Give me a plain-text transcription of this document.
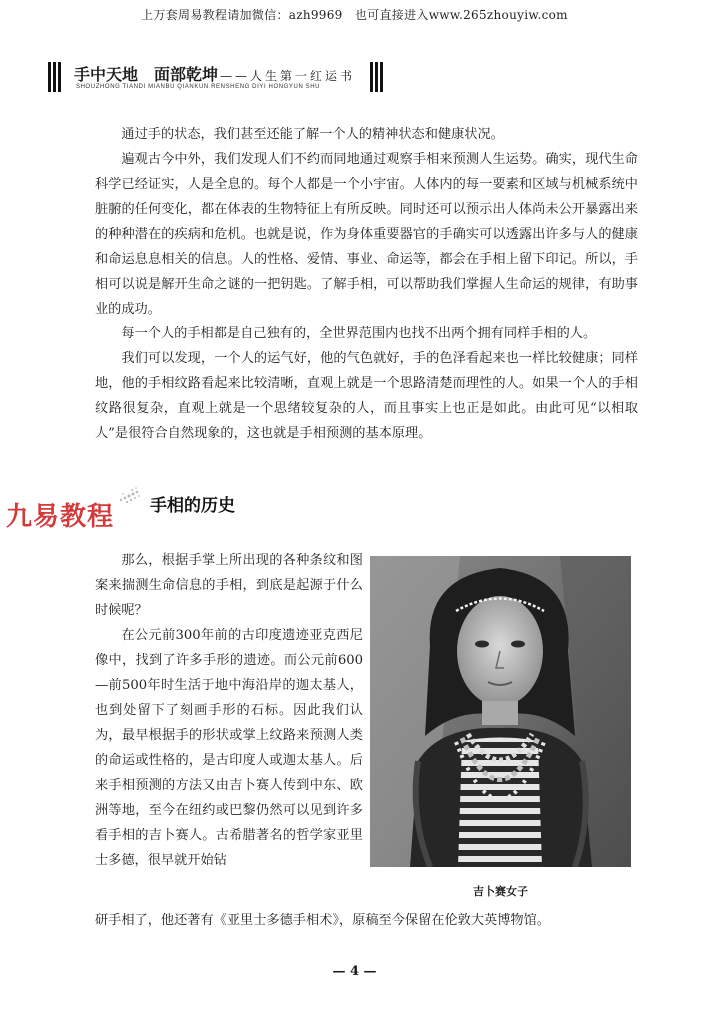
上万套周易教程请加微信：azh9969　也可直接进入www.265zhouyiw.com
手中天地　面部乾坤 ——人生第一红运书
SHOUZHONG TIANDI MIANBU QIANKUN RENSHENG DIYI HONGYUN SHU

通过手的状态，我们甚至还能了解一个人的精神状态和健康状况。

遍观古今中外，我们发现人们不约而同地通过观察手相来预测人生运势。确实，现代生命科学已经证实，人是全息的。每个人都是一个小宇宙。人体内的每一要素和区域与机械系统中脏腑的任何变化，都在体表的生物特征上有所反映。同时还可以预示出人体尚未公开暴露出来的种种潜在的疾病和危机。也就是说，作为身体重要器官的手确实可以透露出许多与人的健康和命运息息相关的信息。人的性格、爱情、事业、命运等，都会在手相上留下印记。所以，手相可以说是解开生命之谜的一把钥匙。了解手相，可以帮助我们掌握人生命运的规律，有助事业的成功。

每一个人的手相都是自己独有的，全世界范围内也找不出两个拥有同样手相的人。

我们可以发现，一个人的运气好，他的气色就好，手的色泽看起来也一样比较健康；同样地，他的手相纹路看起来比较清晰，直观上就是一个思路清楚而理性的人。如果一个人的手相纹路很复杂，直观上就是一个思绪较复杂的人，而且事实上也正是如此。由此可见“以相取人”是很符合自然现象的，这也就是手相预测的基本原理。

九易教程 手相的历史

那么，根据手掌上所出现的各种条纹和图案来揣测生命信息的手相，到底是起源于什么时候呢？

在公元前300年前的古印度遗迹亚克西尼像中，找到了许多手形的遗迹。而公元前600—前500年时生活于地中海沿岸的迦太基人，也到处留下了刻画手形的石标。因此我们认为，最早根据手的形状或掌上纹路来预测人类的命运或性格的，是古印度人或迦太基人。后来手相预测的方法又由吉卜赛人传到中东、欧洲等地，至今在纽约或巴黎仍然可以见到许多看手相的吉卜赛人。古希腊著名的哲学家亚里士多德，很早就开始钻

研手相了，他还著有《亚里士多德手相术》，原稿至今保留在伦敦大英博物馆。
吉卜赛女子
— 4 —
